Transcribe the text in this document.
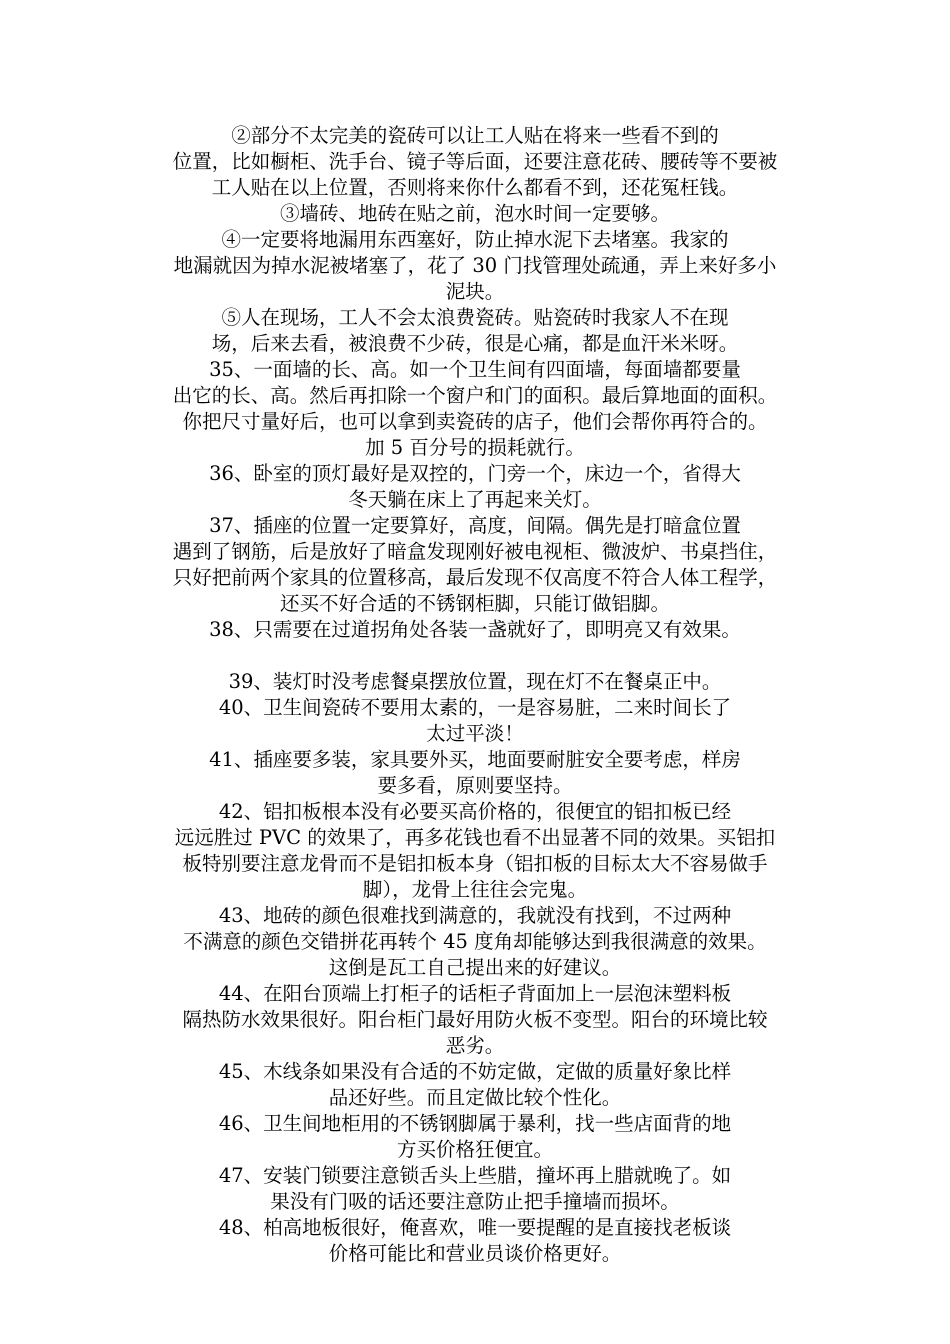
②部分不太完美的瓷砖可以让工人贴在将来一些看不到的
位置，比如橱柜、洗手台、镜子等后面，还要注意花砖、腰砖等不要被
工人贴在以上位置，否则将来你什么都看不到，还花冤枉钱。
③墙砖、地砖在贴之前，泡水时间一定要够。
④一定要将地漏用东西塞好，防止掉水泥下去堵塞。我家的
地漏就因为掉水泥被堵塞了，花了 30 门找管理处疏通，弄上来好多小
泥块。
⑤人在现场，工人不会太浪费瓷砖。贴瓷砖时我家人不在现
场，后来去看，被浪费不少砖，很是心痛，都是血汗米米呀。
35、一面墙的长、高。如一个卫生间有四面墙，每面墙都要量
出它的长、高。然后再扣除一个窗户和门的面积。最后算地面的面积。
你把尺寸量好后，也可以拿到卖瓷砖的店子，他们会帮你再符合的。
加 5 百分号的损耗就行。
36、卧室的顶灯最好是双控的，门旁一个，床边一个，省得大
冬天躺在床上了再起来关灯。
37、插座的位置一定要算好，高度，间隔。偶先是打暗盒位置
遇到了钢筋，后是放好了暗盒发现刚好被电视柜、微波炉、书桌挡住，
只好把前两个家具的位置移高，最后发现不仅高度不符合人体工程学，
还买不好合适的不锈钢柜脚，只能订做铝脚。
38、只需要在过道拐角处各装一盏就好了，即明亮又有效果。
39、装灯时没考虑餐桌摆放位置，现在灯不在餐桌正中。
40、卫生间瓷砖不要用太素的，一是容易脏，二来时间长了
太过平淡！
41、插座要多装，家具要外买，地面要耐脏安全要考虑，样房
要多看，原则要坚持。
42、铝扣板根本没有必要买高价格的，很便宜的铝扣板已经
远远胜过 PVC 的效果了，再多花钱也看不出显著不同的效果。买铝扣
板特别要注意龙骨而不是铝扣板本身（铝扣板的目标太大不容易做手
脚），龙骨上往往会完鬼。
43、地砖的颜色很难找到满意的，我就没有找到，不过两种
不满意的颜色交错拼花再转个 45 度角却能够达到我很满意的效果。
这倒是瓦工自己提出来的好建议。
44、在阳台顶端上打柜子的话柜子背面加上一层泡沫塑料板
隔热防水效果很好。阳台柜门最好用防火板不变型。阳台的环境比较
恶劣。
45、木线条如果没有合适的不妨定做，定做的质量好象比样
品还好些。而且定做比较个性化。
46、卫生间地柜用的不锈钢脚属于暴利，找一些店面背的地
方买价格狂便宜。
47、安装门锁要注意锁舌头上些腊，撞坏再上腊就晚了。如
果没有门吸的话还要注意防止把手撞墙而损坏。
48、柏高地板很好，俺喜欢，唯一要提醒的是直接找老板谈
价格可能比和营业员谈价格更好。
